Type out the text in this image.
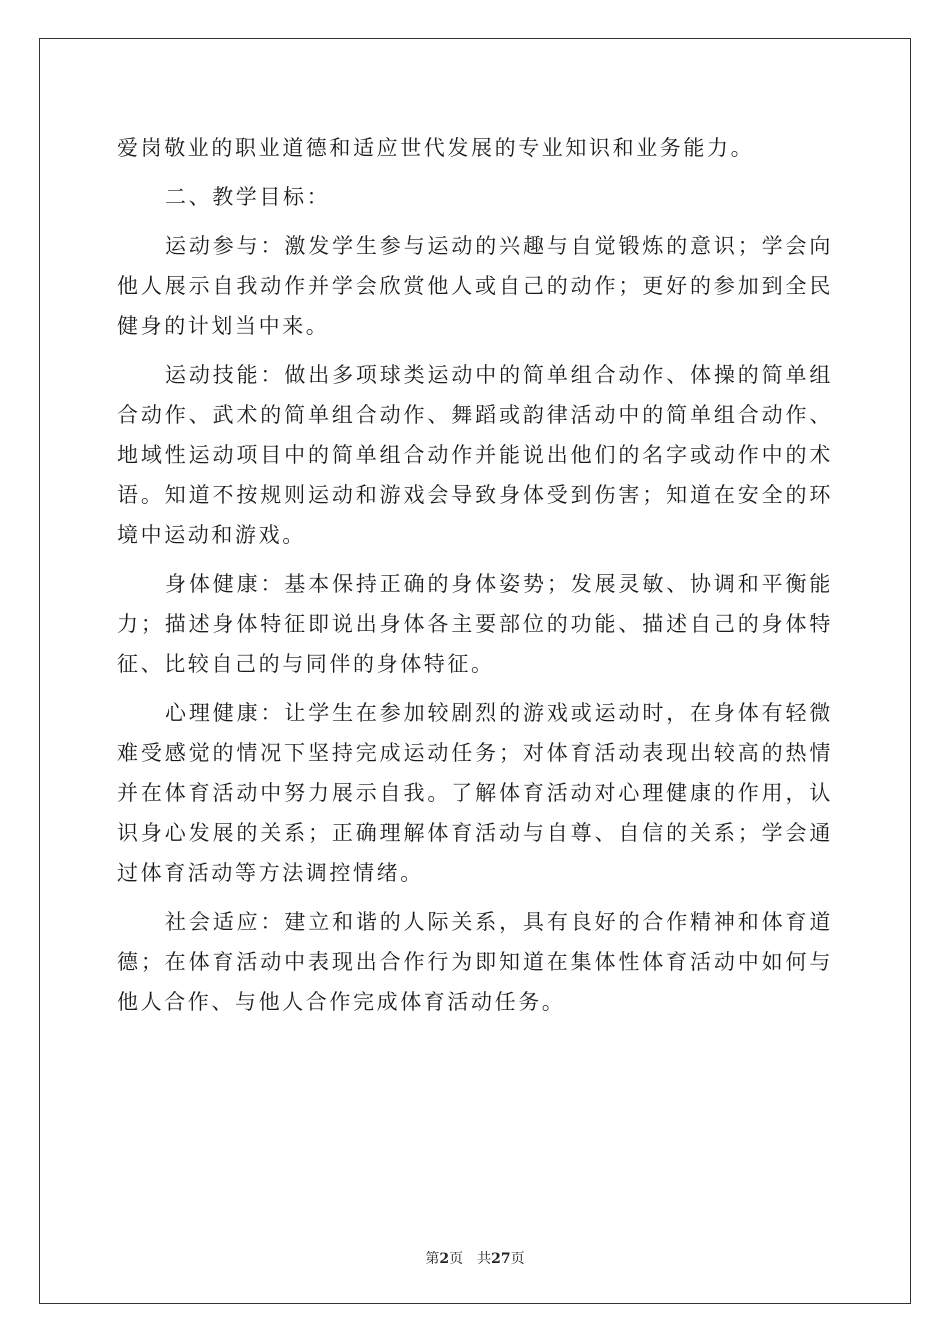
爱岗敬业的职业道德和适应世代发展的专业知识和业务能力。

二、教学目标：

运动参与：激发学生参与运动的兴趣与自觉锻炼的意识；学会向他人展示自我动作并学会欣赏他人或自己的动作；更好的参加到全民健身的计划当中来。

运动技能：做出多项球类运动中的简单组合动作、体操的简单组合动作、武术的简单组合动作、舞蹈或韵律活动中的简单组合动作、地域性运动项目中的简单组合动作并能说出他们的名字或动作中的术语。知道不按规则运动和游戏会导致身体受到伤害；知道在安全的环境中运动和游戏。

身体健康：基本保持正确的身体姿势；发展灵敏、协调和平衡能力；描述身体特征即说出身体各主要部位的功能、描述自己的身体特征、比较自己的与同伴的身体特征。

心理健康：让学生在参加较剧烈的游戏或运动时，在身体有轻微难受感觉的情况下坚持完成运动任务；对体育活动表现出较高的热情并在体育活动中努力展示自我。了解体育活动对心理健康的作用，认识身心发展的关系；正确理解体育活动与自尊、自信的关系；学会通过体育活动等方法调控情绪。

社会适应：建立和谐的人际关系，具有良好的合作精神和体育道德；在体育活动中表现出合作行为即知道在集体性体育活动中如何与他人合作、与他人合作完成体育活动任务。

第2页 共27页
